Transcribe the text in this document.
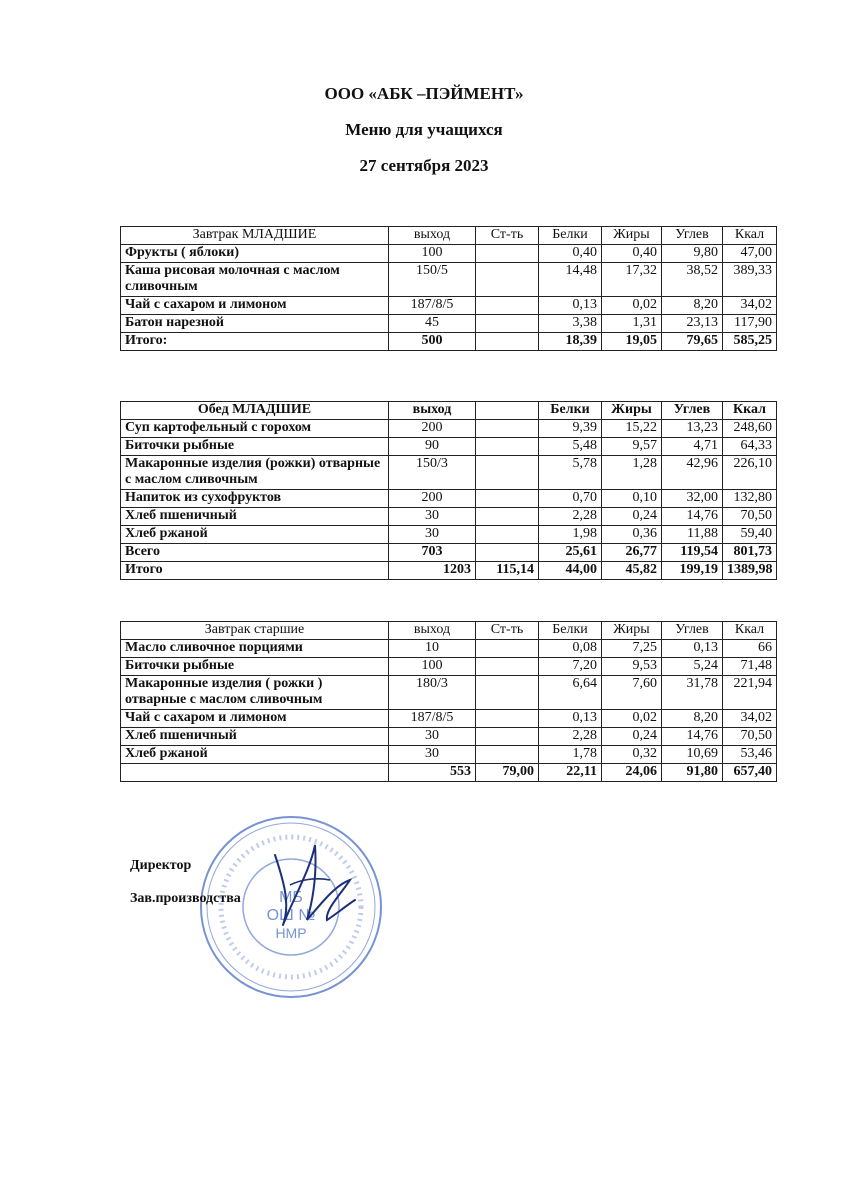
ООО «АБК –ПЭЙМЕНТ»
Меню для учащихся
27 сентября 2023
Завтрак МЛАДШИЕ	выход	Ст-ть	Белки	Жиры	Углев	Ккал
Фрукты ( яблоки)	100		0,40	0,40	9,80	47,00
Каша рисовая молочная с маслом сливочным	150/5		14,48	17,32	38,52	389,33
Чай с сахаром и лимоном	187/8/5		0,13	0,02	8,20	34,02
Батон нарезной	45		3,38	1,31	23,13	117,90
Итого:	500		18,39	19,05	79,65	585,25
Обед МЛАДШИЕ	выход		Белки	Жиры	Углев	Ккал
Суп картофельный с горохом	200		9,39	15,22	13,23	248,60
Биточки рыбные	90		5,48	9,57	4,71	64,33
Макаронные изделия (рожки) отварные с маслом сливочным	150/3		5,78	1,28	42,96	226,10
Напиток из сухофруктов	200		0,70	0,10	32,00	132,80
Хлеб пшеничный	30		2,28	0,24	14,76	70,50
Хлеб ржаной	30		1,98	0,36	11,88	59,40
Всего	703		25,61	26,77	119,54	801,73
Итого	1203	115,14	44,00	45,82	199,19	1389,98
Завтрак старшие	выход	Ст-ть	Белки	Жиры	Углев	Ккал
Масло сливочное порциями	10		0,08	7,25	0,13	66
Биточки рыбные	100		7,20	9,53	5,24	71,48
Макаронные изделия ( рожки ) отварные с маслом сливочным	180/3		6,64	7,60	31,78	221,94
Чай с сахаром и лимоном	187/8/5		0,13	0,02	8,20	34,02
Хлеб пшеничный	30		2,28	0,24	14,76	70,50
Хлеб ржаной	30		1,78	0,32	10,69	53,46
	553	79,00	22,11	24,06	91,80	657,40
МБ
ОШ №
НМР
Директор
Зав.производства
